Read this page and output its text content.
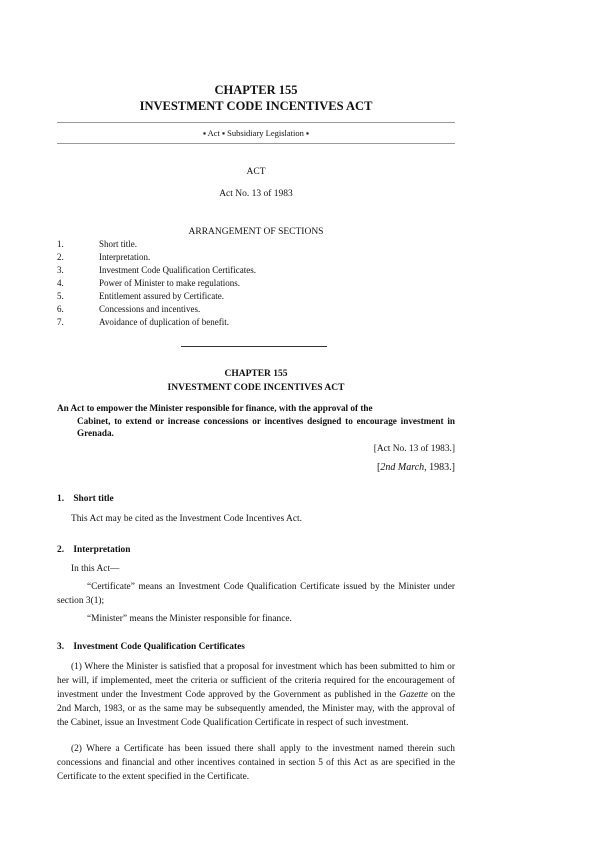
CHAPTER 155
INVESTMENT CODE INCENTIVES ACT
▪ Act ▪ Subsidiary Legislation ▪
ACT
Act No. 13 of 1983
ARRANGEMENT OF SECTIONS
1.	Short title.
2.	Interpretation.
3.	Investment Code Qualification Certificates.
4.	Power of Minister to make regulations.
5.	Entitlement assured by Certificate.
6.	Concessions and incentives.
7.	Avoidance of duplication of benefit.
CHAPTER 155
INVESTMENT CODE INCENTIVES ACT
An Act to empower the Minister responsible for finance, with the approval of the
Cabinet, to extend or increase concessions or incentives designed to encourage investment in Grenada.
[Act No. 13 of 1983.]
[2nd March, 1983.]
1. Short title
This Act may be cited as the Investment Code Incentives Act.
2. Interpretation
In this Act—
“Certificate” means an Investment Code Qualification Certificate issued by the Minister under section 3(1);
“Minister” means the Minister responsible for finance.
3. Investment Code Qualification Certificates
(1) Where the Minister is satisfied that a proposal for investment which has been submitted to him or her will, if implemented, meet the criteria or sufficient of the criteria required for the encouragement of investment under the Investment Code approved by the Government as published in the Gazette on the 2nd March, 1983, or as the same may be subsequently amended, the Minister may, with the approval of the Cabinet, issue an Investment Code Qualification Certificate in respect of such investment.
(2) Where a Certificate has been issued there shall apply to the investment named therein such concessions and financial and other incentives contained in section 5 of this Act as are specified in the Certificate to the extent specified in the Certificate.
